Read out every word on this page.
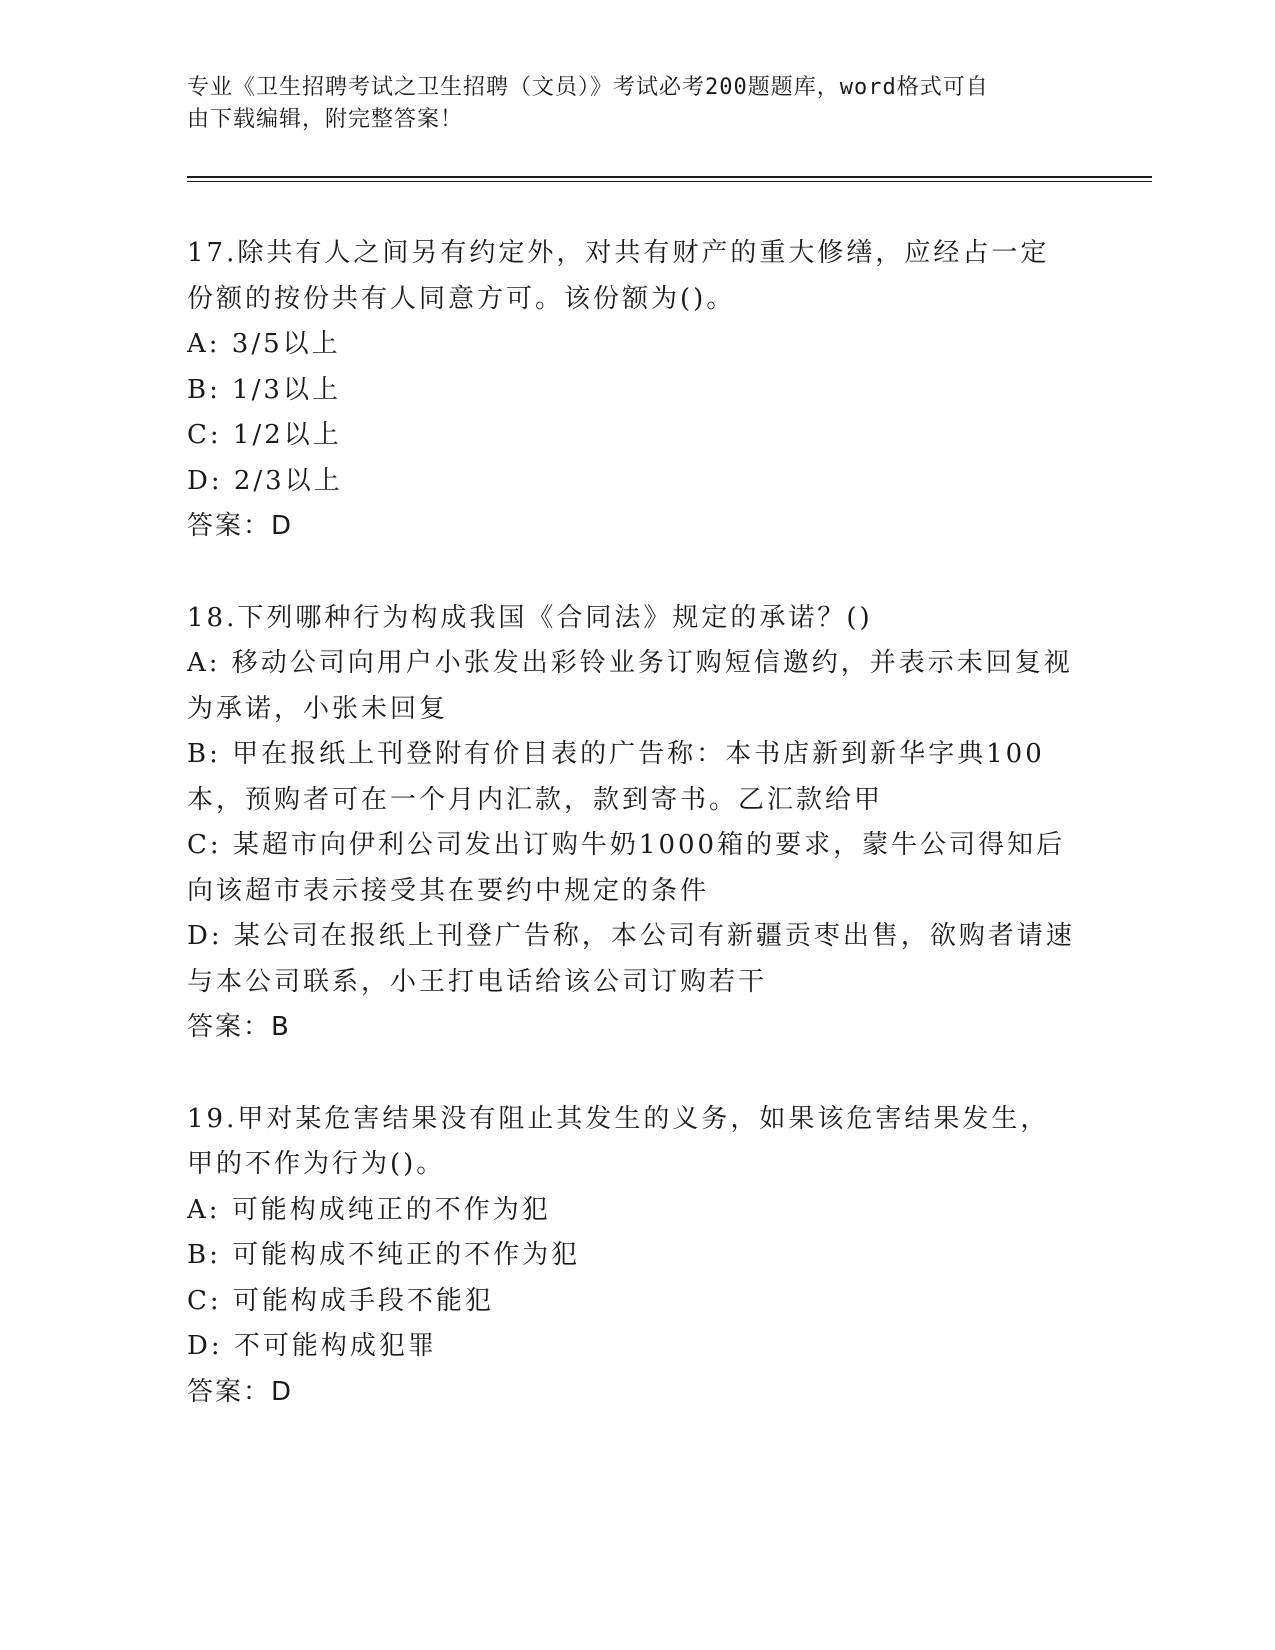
专业《卫生招聘考试之卫生招聘（文员）》考试必考200题题库，word格式可自
由下载编辑，附完整答案！

17.除共有人之间另有约定外，对共有财产的重大修缮，应经占一定份额的按份共有人同意方可。该份额为()。

A: 3/5以上

B: 1/3以上

C: 1/2以上

D: 2/3以上

答案：D

18.下列哪种行为构成我国《合同法》规定的承诺？()

A: 移动公司向用户小张发出彩铃业务订购短信邀约，并表示未回复视为承诺，小张未回复

B: 甲在报纸上刊登附有价目表的广告称：本书店新到新华字典100本，预购者可在一个月内汇款，款到寄书。乙汇款给甲

C: 某超市向伊利公司发出订购牛奶1000箱的要求，蒙牛公司得知后向该超市表示接受其在要约中规定的条件

D: 某公司在报纸上刊登广告称，本公司有新疆贡枣出售，欲购者请速与本公司联系，小王打电话给该公司订购若干

答案：B

19.甲对某危害结果没有阻止其发生的义务，如果该危害结果发生，甲的不作为行为()。

A: 可能构成纯正的不作为犯

B: 可能构成不纯正的不作为犯

C: 可能构成手段不能犯

D: 不可能构成犯罪

答案：D
